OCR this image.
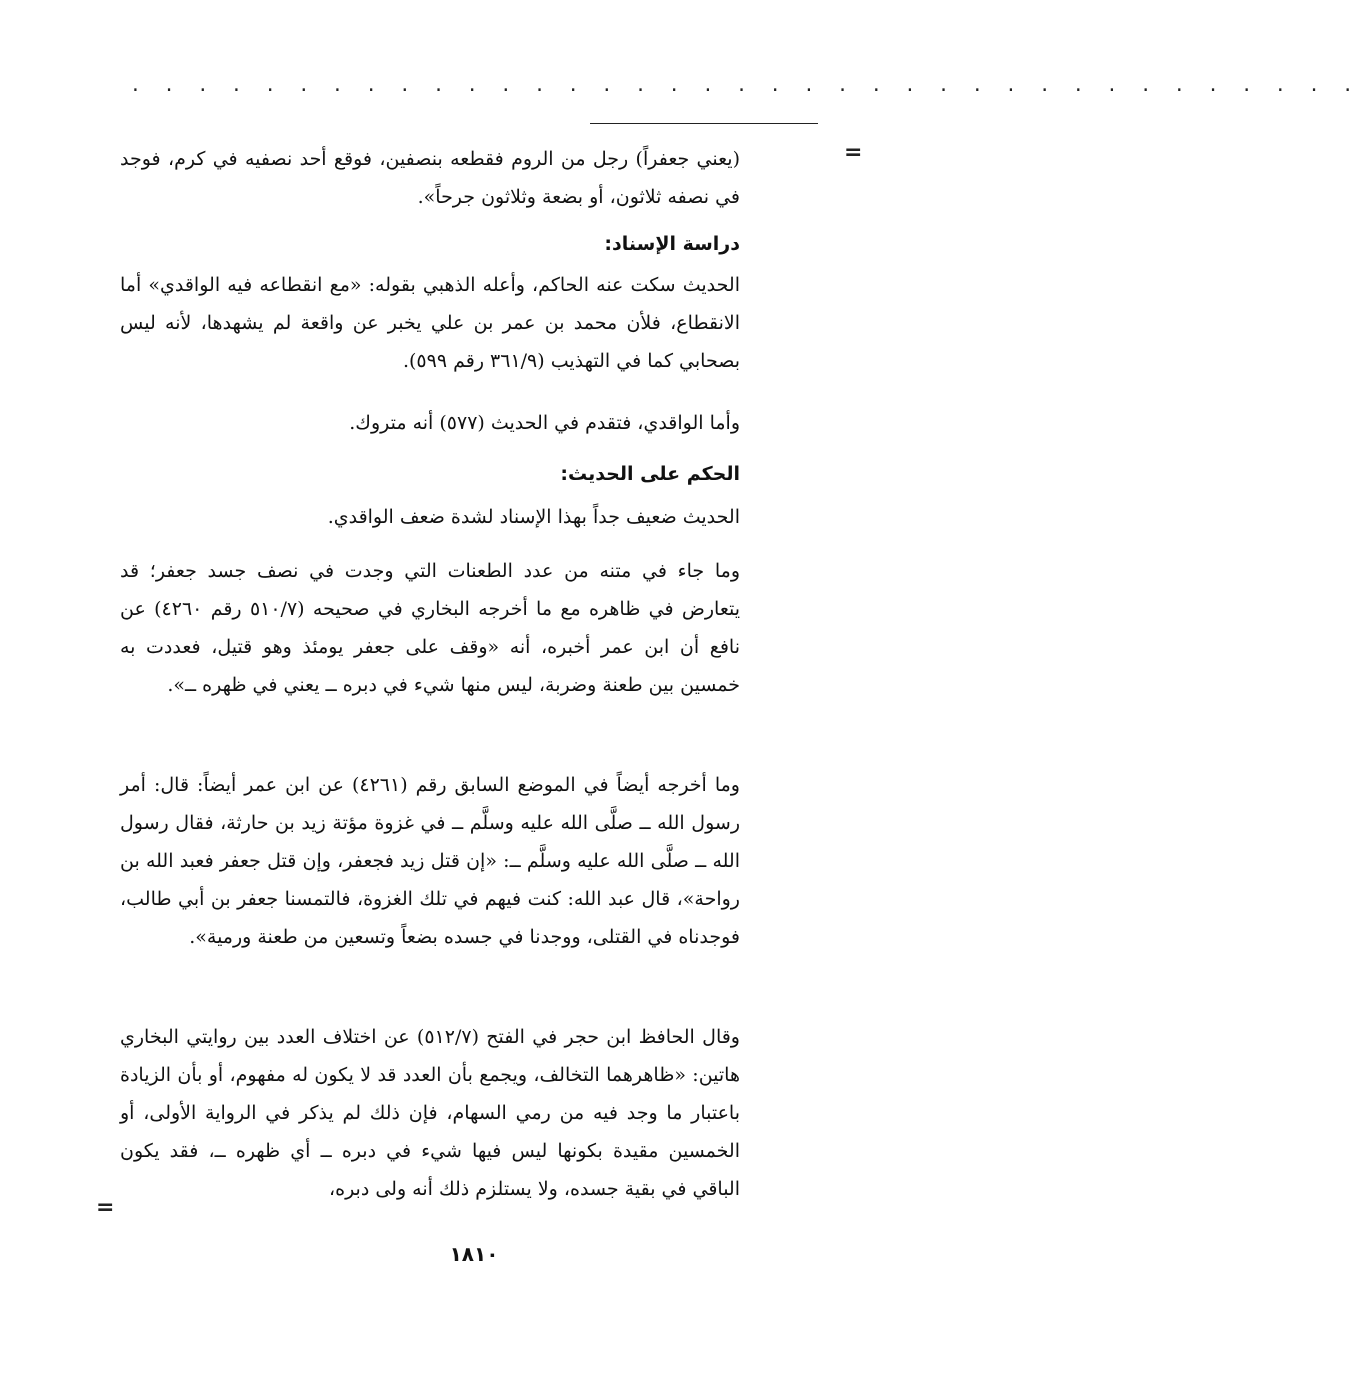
· · · · · · · · · · · · · · · · · · · · · · · · · · · · · · · · · · · · ·
=
(يعني جعفراً) رجل من الروم فقطعه بنصفين، فوقع أحد نصفيه في كرم، فوجد في نصفه ثلاثون، أو بضعة وثلاثون جرحاً».
دراسة الإسناد:
الحديث سكت عنه الحاكم، وأعله الذهبي بقوله: «مع انقطاعه فيه الواقدي» أما الانقطاع، فلأن محمد بن عمر بن علي يخبر عن واقعة لم يشهدها، لأنه ليس بصحابي كما في التهذيب (٣٦١/٩ رقم ٥٩٩).
وأما الواقدي، فتقدم في الحديث (٥٧٧) أنه متروك.
الحكم على الحديث:
الحديث ضعيف جداً بهذا الإسناد لشدة ضعف الواقدي.
وما جاء في متنه من عدد الطعنات التي وجدت في نصف جسد جعفر؛ قد يتعارض في ظاهره مع ما أخرجه البخاري في صحيحه (٥١٠/٧ رقم ٤٢٦٠) عن نافع أن ابن عمر أخبره، أنه «وقف على جعفر يومئذ وهو قتيل، فعددت به خمسين بين طعنة وضربة، ليس منها شيء في دبره ــ يعني في ظهره ــ».
وما أخرجه أيضاً في الموضع السابق رقم (٤٢٦١) عن ابن عمر أيضاً: قال: أمر رسول الله ــ صلَّى الله عليه وسلَّم ــ في غزوة مؤتة زيد بن حارثة، فقال رسول الله ــ صلَّى الله عليه وسلَّم ــ: «إن قتل زيد فجعفر، وإن قتل جعفر فعبد الله بن رواحة»، قال عبد الله: كنت فيهم في تلك الغزوة، فالتمسنا جعفر بن أبي طالب، فوجدناه في القتلى، ووجدنا في جسده بضعاً وتسعين من طعنة ورمية».
وقال الحافظ ابن حجر في الفتح (٥١٢/٧) عن اختلاف العدد بين روايتي البخاري هاتين: «ظاهرهما التخالف، ويجمع بأن العدد قد لا يكون له مفهوم، أو بأن الزيادة باعتبار ما وجد فيه من رمي السهام، فإن ذلك لم يذكر في الرواية الأولى، أو الخمسين مقيدة بكونها ليس فيها شيء في دبره ــ أي ظهره ــ، فقد يكون الباقي في بقية جسده، ولا يستلزم ذلك أنه ولى دبره،
=
١٨١٠
